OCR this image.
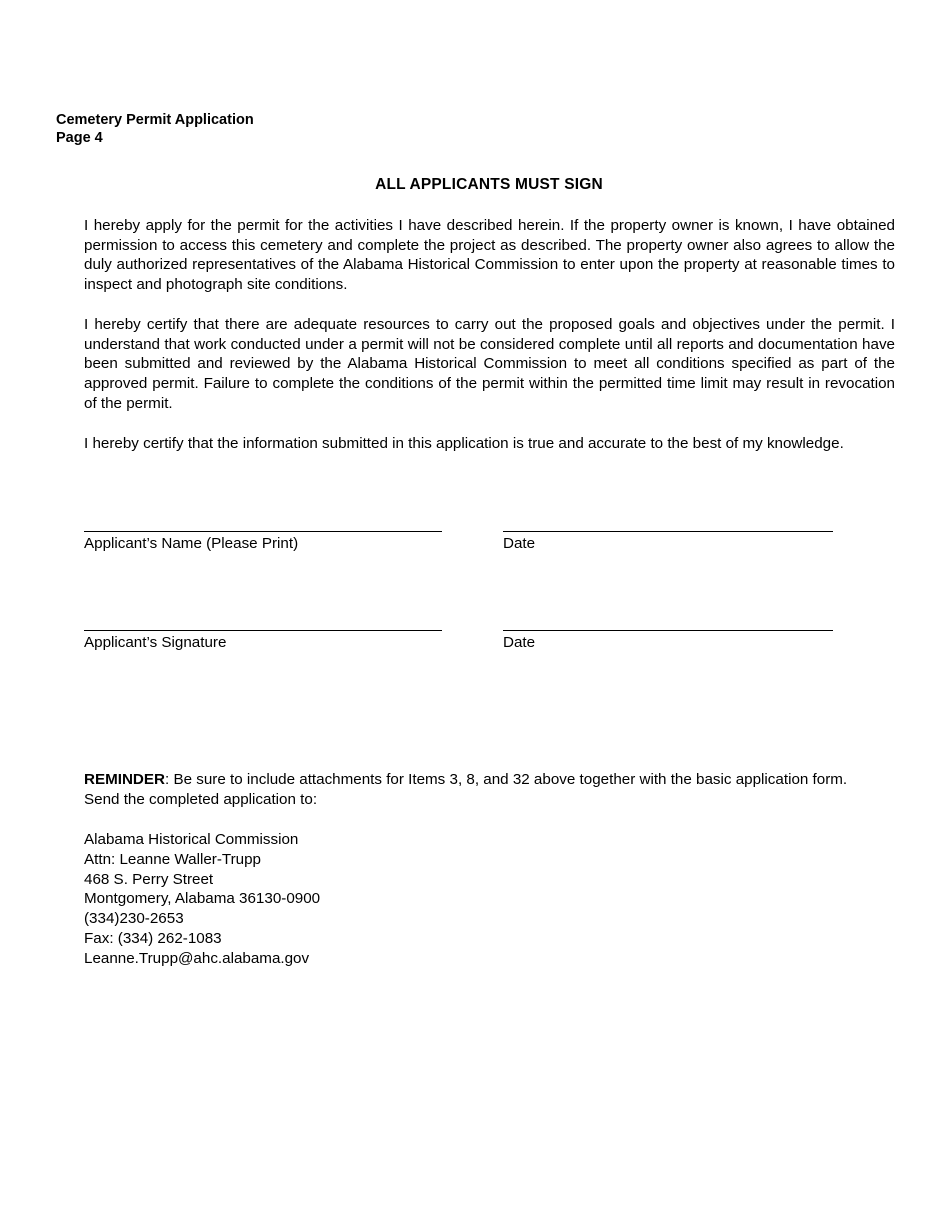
Cemetery Permit Application
Page 4
ALL APPLICANTS MUST SIGN
I hereby apply for the permit for the activities I have described herein. If the property owner is known, I have obtained permission to access this cemetery and complete the project as described. The property owner also agrees to allow the duly authorized representatives of the Alabama Historical Commission to enter upon the property at reasonable times to inspect and photograph site conditions.
I hereby certify that there are adequate resources to carry out the proposed goals and objectives under the permit. I understand that work conducted under a permit will not be considered complete until all reports and documentation have been submitted and reviewed by the Alabama Historical Commission to meet all conditions specified as part of the approved permit. Failure to complete the conditions of the permit within the permitted time limit may result in revocation of the permit.
I hereby certify that the information submitted in this application is true and accurate to the best of my knowledge.
Applicant’s Name (Please Print)	Date
Applicant’s Signature	Date
REMINDER: Be sure to include attachments for Items 3, 8, and 32 above together with the basic application form. Send the completed application to:
Alabama Historical Commission
Attn: Leanne Waller-Trupp
468 S. Perry Street
Montgomery, Alabama 36130-0900
(334)230-2653
Fax: (334) 262-1083
Leanne.Trupp@ahc.alabama.gov
